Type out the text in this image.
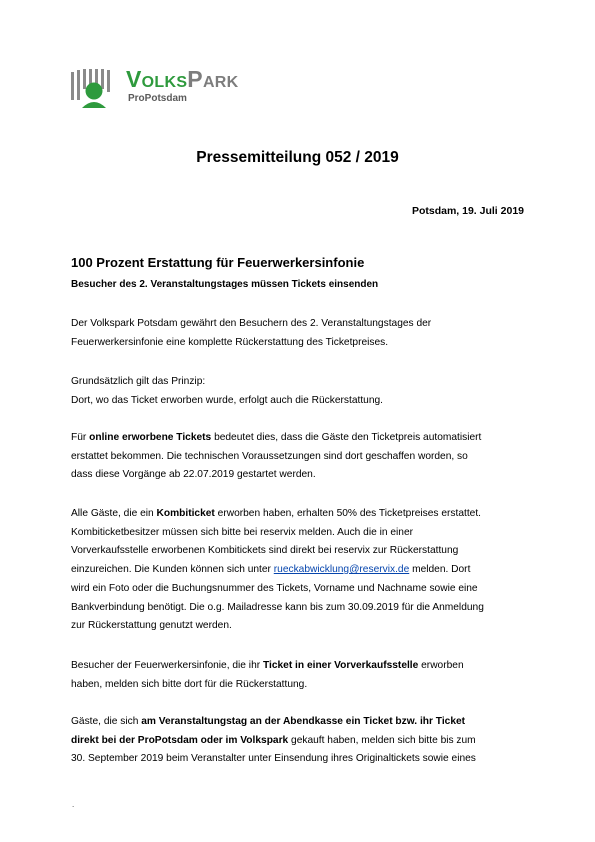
VolksPark
ProPotsdam
Pressemitteilung 052 / 2019
Potsdam, 19. Juli 2019
100 Prozent Erstattung für Feuerwerkersinfonie
Besucher des 2. Veranstaltungstages müssen Tickets einsenden
Der Volkspark Potsdam gewährt den Besuchern des 2. Veranstaltungstages der
Feuerwerkersinfonie eine komplette Rückerstattung des Ticketpreises.
Grundsätzlich gilt das Prinzip:
Dort, wo das Ticket erworben wurde, erfolgt auch die Rückerstattung.
Für online erworbene Tickets bedeutet dies, dass die Gäste den Ticketpreis automatisiert
erstattet bekommen. Die technischen Voraussetzungen sind dort geschaffen worden, so
dass diese Vorgänge ab 22.07.2019 gestartet werden.
Alle Gäste, die ein Kombiticket erworben haben, erhalten 50% des Ticketpreises erstattet.
Kombiticketbesitzer müssen sich bitte bei reservix melden. Auch die in einer
Vorverkaufsstelle erworbenen Kombitickets sind direkt bei reservix zur Rückerstattung
einzureichen. Die Kunden können sich unter rueckabwicklung@reservix.de melden. Dort
wird ein Foto oder die Buchungsnummer des Tickets, Vorname und Nachname sowie eine
Bankverbindung benötigt. Die o.g. Mailadresse kann bis zum 30.09.2019 für die Anmeldung
zur Rückerstattung genutzt werden.
Besucher der Feuerwerkersinfonie, die ihr Ticket in einer Vorverkaufsstelle erworben
haben, melden sich bitte dort für die Rückerstattung.
Gäste, die sich am Veranstaltungstag an der Abendkasse ein Ticket bzw. ihr Ticket
direkt bei der ProPotsdam oder im Volkspark gekauft haben, melden sich bitte bis zum
30. September 2019 beim Veranstalter unter Einsendung ihres Originaltickets sowie eines
.
